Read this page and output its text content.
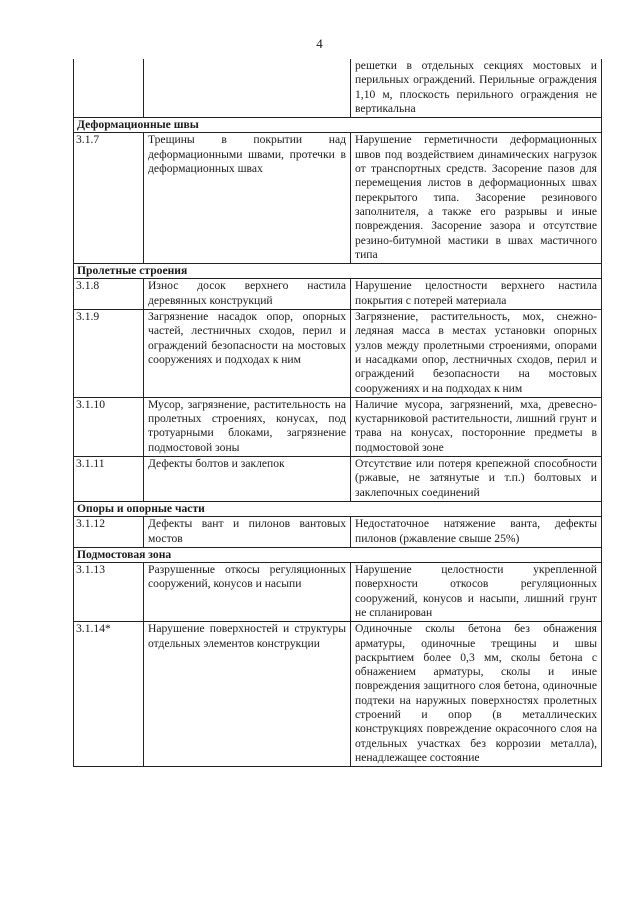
4
		решетки в отдельных секциях мостовых и перильных ограждений. Перильные ограждения 1,10 м, плоскость перильного ограждения не вертикальна
Деформационные швы		
3.1.7	Трещины в покрытии над деформационными швами, протечки в деформационных швах	Нарушение герметичности деформационных швов под воздействием динамических нагрузок от транспортных средств. Засорение пазов для перемещения листов в деформационных швах перекрытого типа. Засорение резинового заполнителя, а также его разрывы и иные повреждения. Засорение зазора и отсутствие резино-битумной мастики в швах мастичного типа
Пролетные строения		
3.1.8	Износ досок верхнего настила деревянных конструкций	Нарушение целостности верхнего настила покрытия с потерей материала
3.1.9	Загрязнение насадок опор, опорных частей, лестничных сходов, перил и ограждений безопасности на мостовых сооружениях и подходах к ним	Загрязнение, растительность, мох, снежно-ледяная масса в местах установки опорных узлов между пролетными строениями, опорами и насадками опор, лестничных сходов, перил и ограждений безопасности на мостовых сооружениях и на подходах к ним
3.1.10	Мусор, загрязнение, растительность на пролетных строениях, конусах, под тротуарными блоками, загрязнение подмостовой зоны	Наличие мусора, загрязнений, мха, древесно-кустарниковой растительности, лишний грунт и трава на конусах, посторонние предметы в подмостовой зоне
3.1.11	Дефекты болтов и заклепок	Отсутствие или потеря крепежной способности (ржавые, не затянутые и т.п.) болтовых и заклепочных соединений
Опоры и опорные части		
3.1.12	Дефекты вант и пилонов вантовых мостов	Недостаточное натяжение ванта, дефекты пилонов (ржавление свыше 25%)
Подмостовая зона		
3.1.13	Разрушенные откосы регуляционных сооружений, конусов и насыпи	Нарушение целостности укрепленной поверхности откосов регуляционных сооружений, конусов и насыпи, лишний грунт не спланирован
3.1.14*	Нарушение поверхностей и структуры отдельных элементов конструкции	Одиночные сколы бетона без обнажения арматуры, одиночные трещины и швы раскрытием более 0,3 мм, сколы бетона с обнажением арматуры, сколы и иные повреждения защитного слоя бетона, одиночные подтеки на наружных поверхностях пролетных строений и опор (в металлических конструкциях повреждение окрасочного слоя на отдельных участках без коррозии металла), ненадлежащее состояние
